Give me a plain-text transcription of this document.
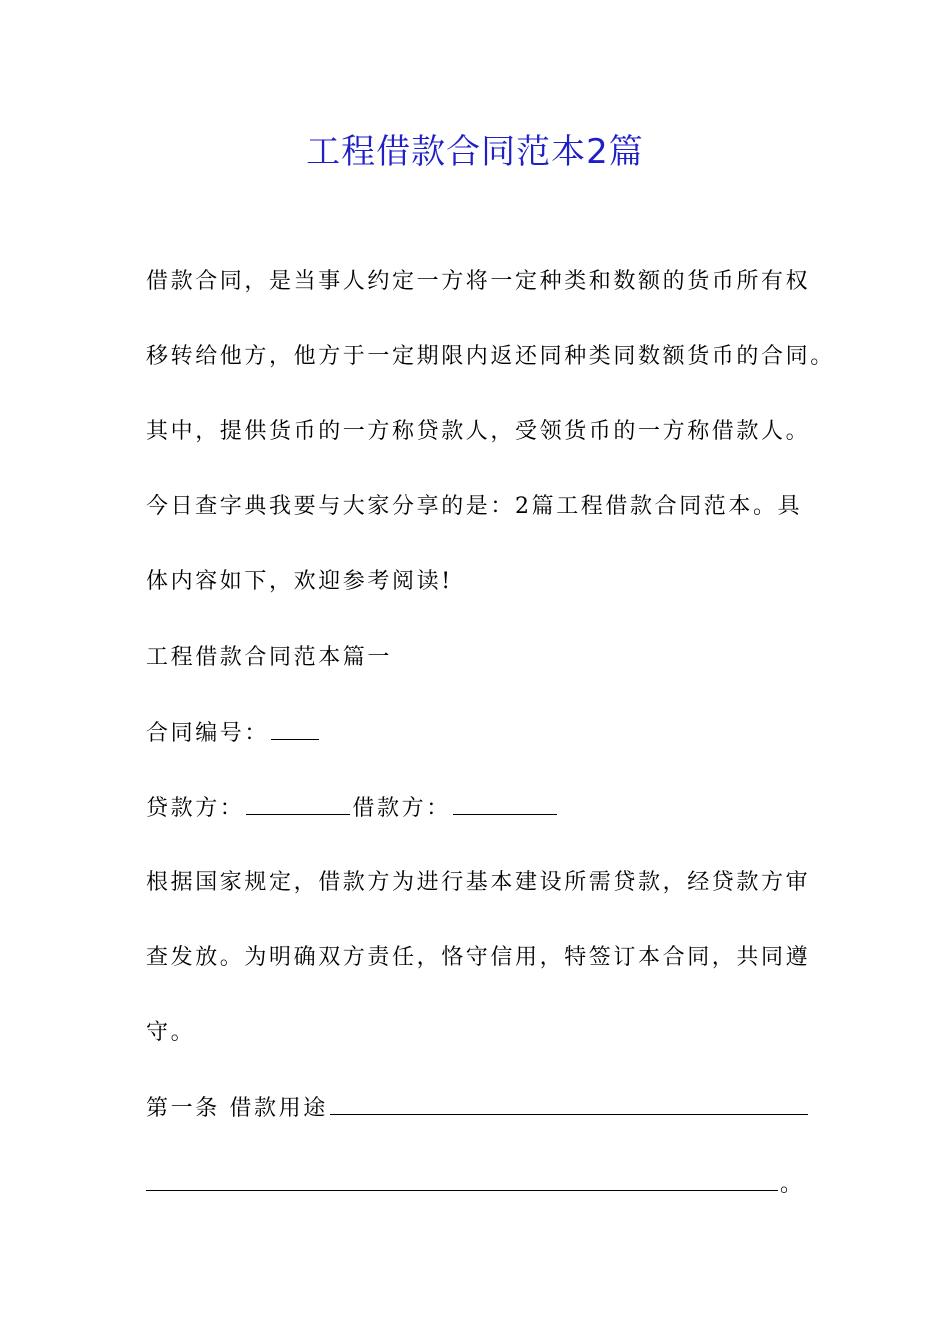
工程借款合同范本2篇
借款合同，是当事人约定一方将一定种类和数额的货币所有权
移转给他方，他方于一定期限内返还同种类同数额货币的合同。
其中，提供货币的一方称贷款人，受领货币的一方称借款人。
今日查字典我要与大家分享的是：2篇工程借款合同范本。具
体内容如下，欢迎参考阅读!
工程借款合同范本篇一
合同编号：
贷款方：	借款方：
根据国家规定，借款方为进行基本建设所需贷款，经贷款方审
查发放。为明确双方责任，恪守信用，特签订本合同，共同遵
守。
第一条 借款用途
。
